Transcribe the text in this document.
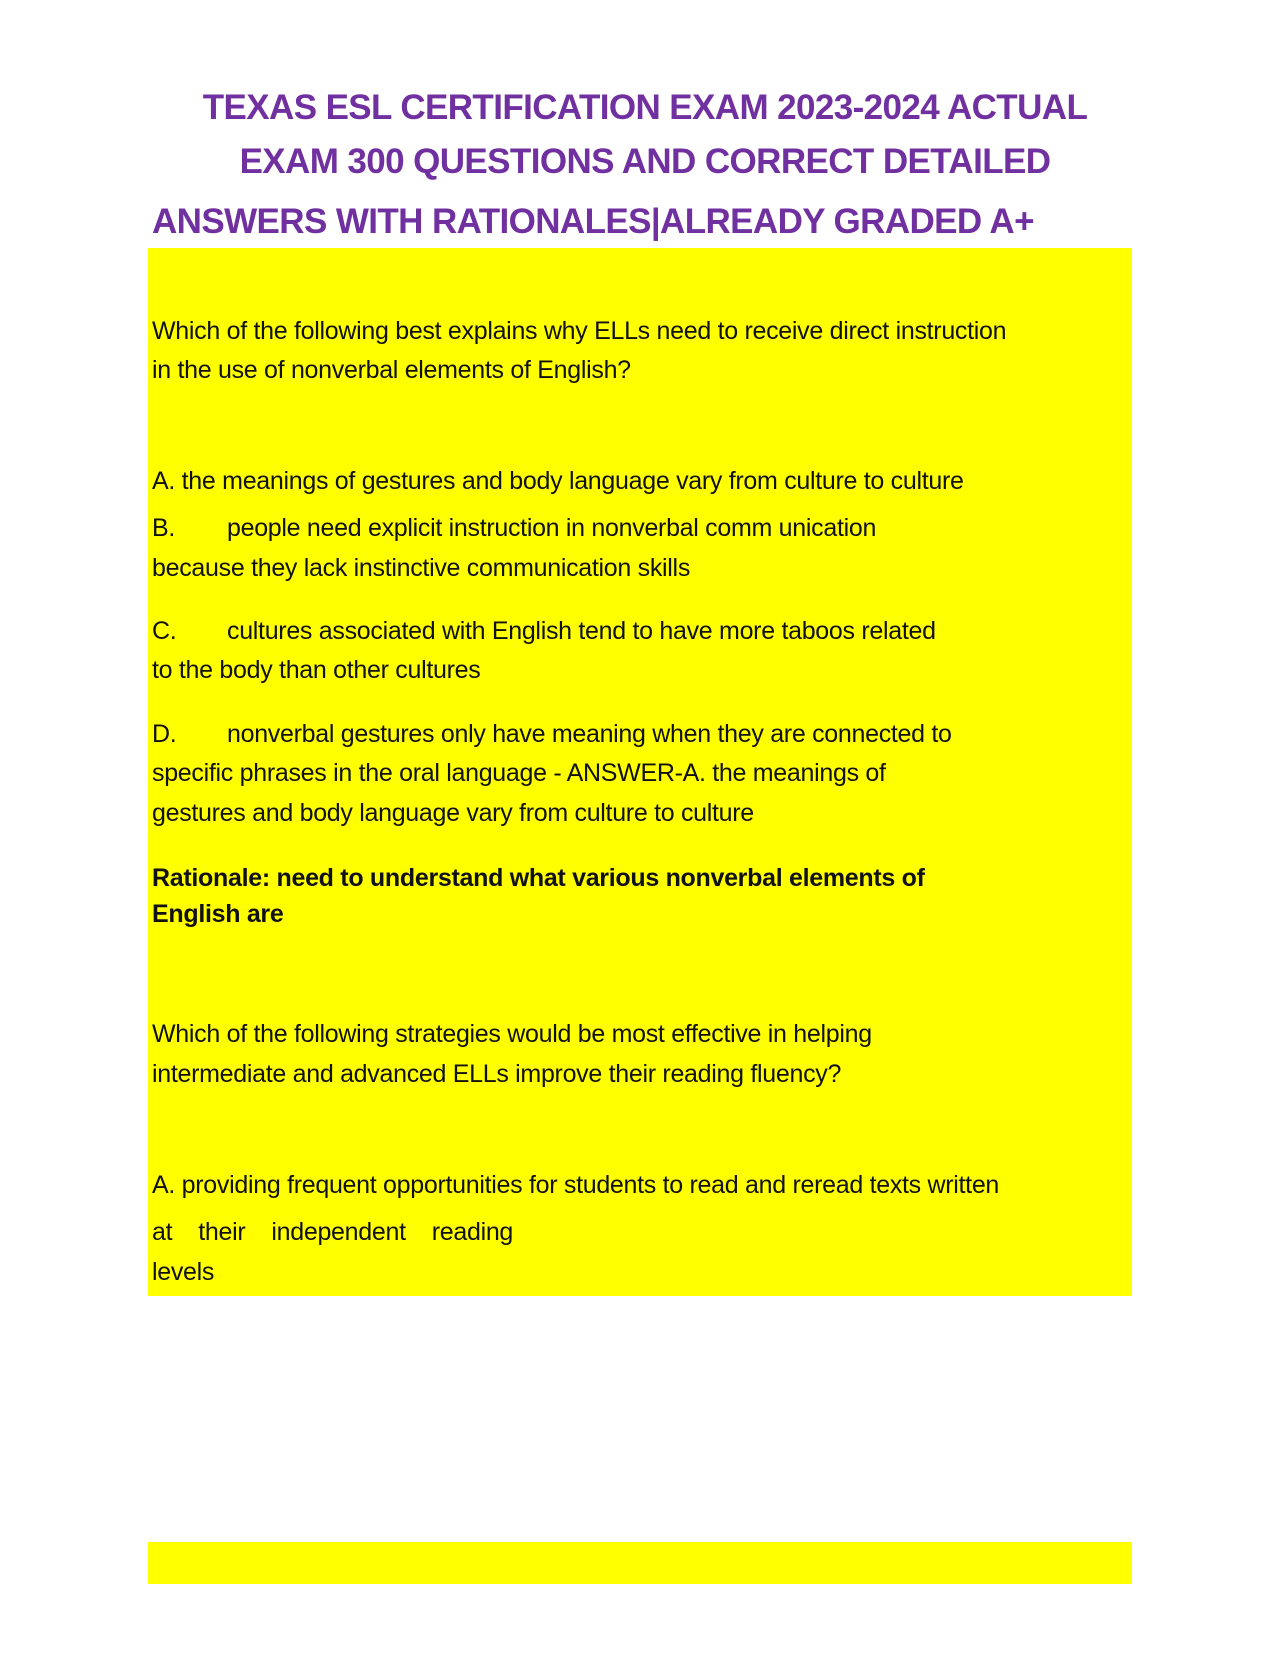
TEXAS ESL CERTIFICATION EXAM 2023-2024 ACTUAL
EXAM 300 QUESTIONS AND CORRECT DETAILED
ANSWERS WITH RATIONALES|ALREADY GRADED A+

Which of the following best explains why ELLs need to receive direct instruction

in the use of nonverbal elements of English?

A. the meanings of gestures and body language vary from culture to culture

B. people need explicit instruction in nonverbal comm unication

because they lack instinctive communication skills

C. cultures associated with English tend to have more taboos related

to the body than other cultures

D. nonverbal gestures only have meaning when they are connected to

specific phrases in the oral language - ANSWER-A. the meanings of

gestures and body language vary from culture to culture

Rationale: need to understand what various nonverbal elements of

English are

Which of the following strategies would be most effective in helping

intermediate and advanced ELLs improve their reading fluency?

A. providing frequent opportunities for students to read and reread texts written

at their independent reading

levels
